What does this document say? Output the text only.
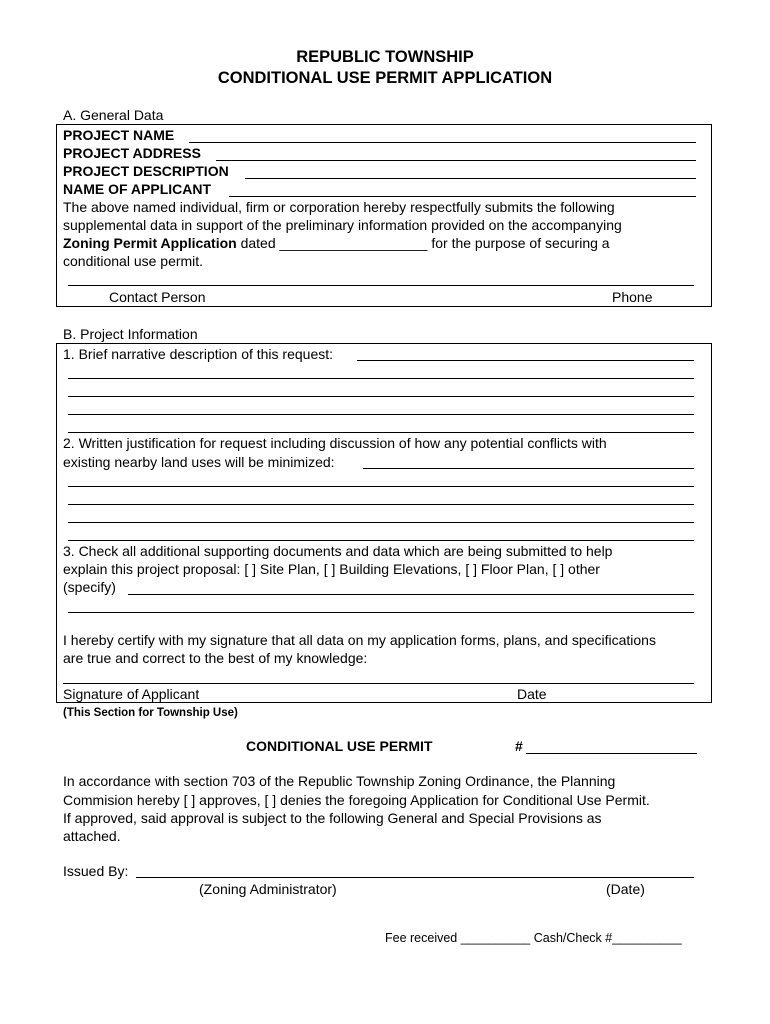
REPUBLIC TOWNSHIP
CONDITIONAL USE PERMIT APPLICATION
A. General Data
PROJECT NAME
PROJECT ADDRESS
PROJECT DESCRIPTION
NAME OF APPLICANT
The above named individual, firm or corporation hereby respectfully submits the following
supplemental data in support of the preliminary information provided on the accompanying
Zoning Permit Application dated ___________________ for the purpose of securing a
conditional use permit.
Contact Person	Phone
B. Project Information
1. Brief narrative description of this request:
2. Written justification for request including discussion of how any potential conflicts with
existing nearby land uses will be minimized:
3. Check all additional supporting documents and data which are being submitted to help
explain this project proposal: [ ] Site Plan, [ ] Building Elevations, [ ] Floor Plan, [ ] other
(specify)
I hereby certify with my signature that all data on my application forms, plans, and specifications
are true and correct to the best of my knowledge:
Signature of Applicant	Date
(This Section for Township Use)
CONDITIONAL USE PERMIT	#
In accordance with section 703 of the Republic Township Zoning Ordinance, the Planning
Commision hereby [ ] approves, [ ] denies the foregoing Application for Conditional Use Permit.
If approved, said approval is subject to the following General and Special Provisions as
attached.
Issued By:
(Zoning Administrator)	(Date)
Fee received __________ Cash/Check #__________
